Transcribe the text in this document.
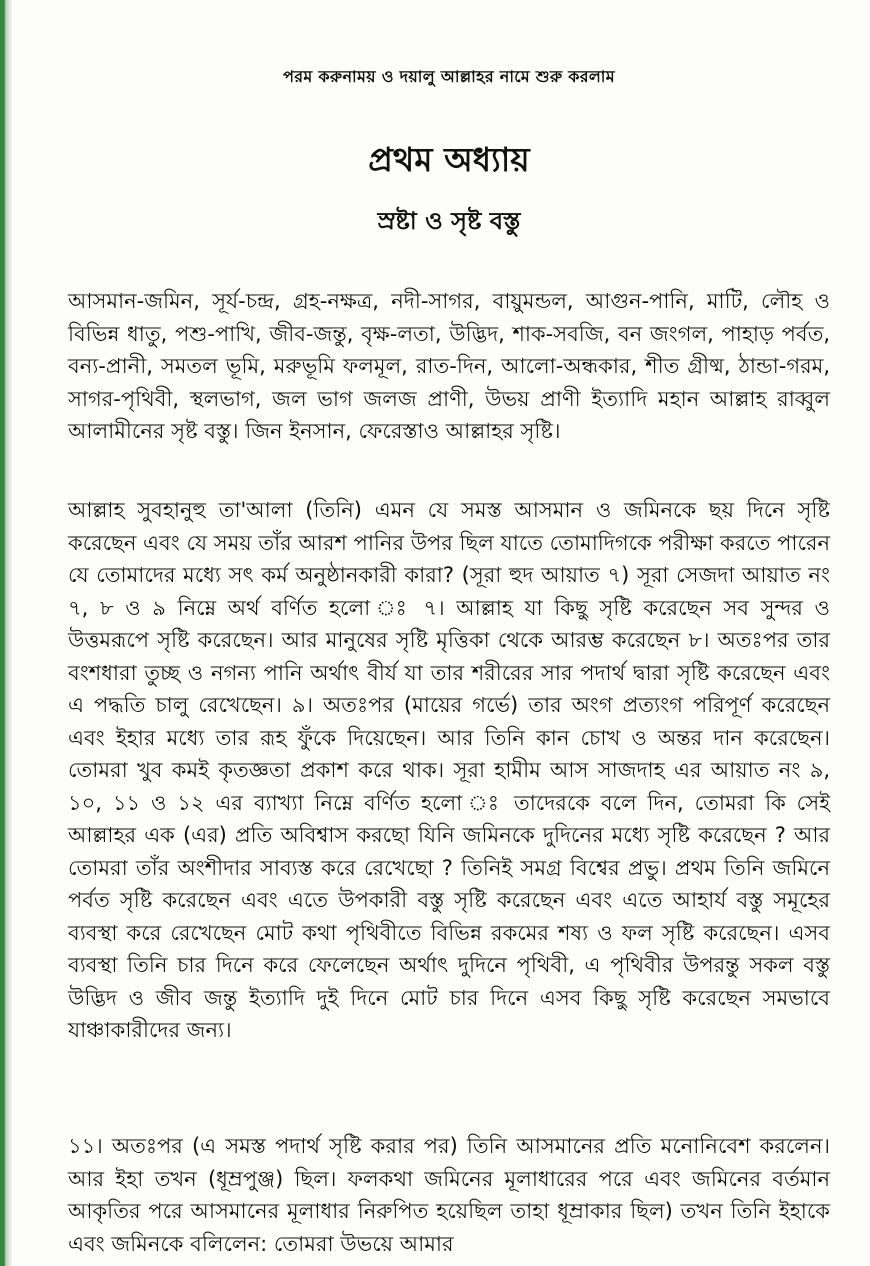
পরম করুনাময় ও দয়ালু আল্লাহর নামে শুরু করলাম
প্রথম অধ্যায়
স্রষ্টা ও সৃষ্ট বস্তু

আসমান-জমিন, সূর্য-চন্দ্র, গ্রহ-নক্ষত্র, নদী-সাগর, বায়ুমন্ডল, আগুন-পানি, মাটি, লৌহ ও বিভিন্ন ধাতু, পশু-পাখি, জীব-জন্তু, বৃক্ষ-লতা, উদ্ভিদ, শাক-সবজি, বন জংগল, পাহাড় পর্বত, বন্য-প্রানী, সমতল ভূমি, মরুভূমি ফলমূল, রাত-দিন, আলো-অন্ধকার, শীত গ্রীষ্ম, ঠান্ডা-গরম, সাগর-পৃথিবী, স্থলভাগ, জল ভাগ জলজ প্রাণী, উভয় প্রাণী ইত্যাদি মহান আল্লাহ রাব্বুল আলামীনের সৃষ্ট বস্তু। জিন ইনসান, ফেরেস্তাও আল্লাহর সৃষ্টি।

আল্লাহ সুবহানুহু তা'আলা (তিনি) এমন যে সমস্ত আসমান ও জমিনকে ছয় দিনে সৃষ্টি করেছেন এবং যে সময় তাঁর আরশ পানির উপর ছিল যাতে তোমাদিগকে পরীক্ষা করতে পারেন যে তোমাদের মধ্যে সৎ কর্ম অনুষ্ঠানকারী কারা? (সূরা হুদ আয়াত ৭) সূরা সেজদা আয়াত নং ৭, ৮ ও ৯ নিম্নে অর্থ বর্ণিত হলো ঃ ৭। আল্লাহ যা কিছু সৃষ্টি করেছেন সব সুন্দর ও উত্তমরূপে সৃষ্টি করেছেন। আর মানুষের সৃষ্টি মৃত্তিকা থেকে আরম্ভ করেছেন ৮। অতঃপর তার বংশধারা তুচ্ছ ও নগন্য পানি অর্থাৎ বীর্য যা তার শরীরের সার পদার্থ দ্বারা সৃষ্টি করেছেন এবং এ পদ্ধতি চালু রেখেছেন। ৯। অতঃপর (মায়ের গর্ভে) তার অংগ প্রত্যংগ পরিপূর্ণ করেছেন এবং ইহার মধ্যে তার রূহ ফুঁকে দিয়েছেন। আর তিনি কান চোখ ও অন্তর দান করেছেন। তোমরা খুব কমই কৃতজ্ঞতা প্রকাশ করে থাক। সূরা হামীম আস সাজদাহ এর আয়াত নং ৯, ১০, ১১ ও ১২ এর ব্যাখ্যা নিম্নে বর্ণিত হলো ঃ তাদেরকে বলে দিন, তোমরা কি সেই আল্লাহর এক (এর) প্রতি অবিশ্বাস করছো যিনি জমিনকে দুদিনের মধ্যে সৃষ্টি করেছেন ? আর তোমরা তাঁর অংশীদার সাব্যস্ত করে রেখেছো ? তিনিই সমগ্র বিশ্বের প্রভু। প্রথম তিনি জমিনে পর্বত সৃষ্টি করেছেন এবং এতে উপকারী বস্তু সৃষ্টি করেছেন এবং এতে আহার্য বস্তু সমূহের ব্যবস্থা করে রেখেছেন মোট কথা পৃথিবীতে বিভিন্ন রকমের শষ্য ও ফল সৃষ্টি করেছেন। এসব ব্যবস্থা তিনি চার দিনে করে ফেলেছেন অর্থাৎ দুদিনে পৃথিবী, এ পৃথিবীর উপরন্তু সকল বস্তু উদ্ভিদ ও জীব জন্তু ইত্যাদি দুই দিনে মোট চার দিনে এসব কিছু সৃষ্টি করেছেন সমভাবে যাঞ্চাকারীদের জন্য।

১১। অতঃপর (এ সমস্ত পদার্থ সৃষ্টি করার পর) তিনি আসমানের প্রতি মনোনিবেশ করলেন। আর ইহা তখন (ধূম্রপুঞ্জ) ছিল। ফলকথা জমিনের মূলাধারের পরে এবং জমিনের বর্তমান আকৃতির পরে আসমানের মূলাধার নিরুপিত হয়েছিল তাহা ধূম্রাকার ছিল) তখন তিনি ইহাকে এবং জমিনকে বলিলেন: তোমরা উভয়ে আমার
